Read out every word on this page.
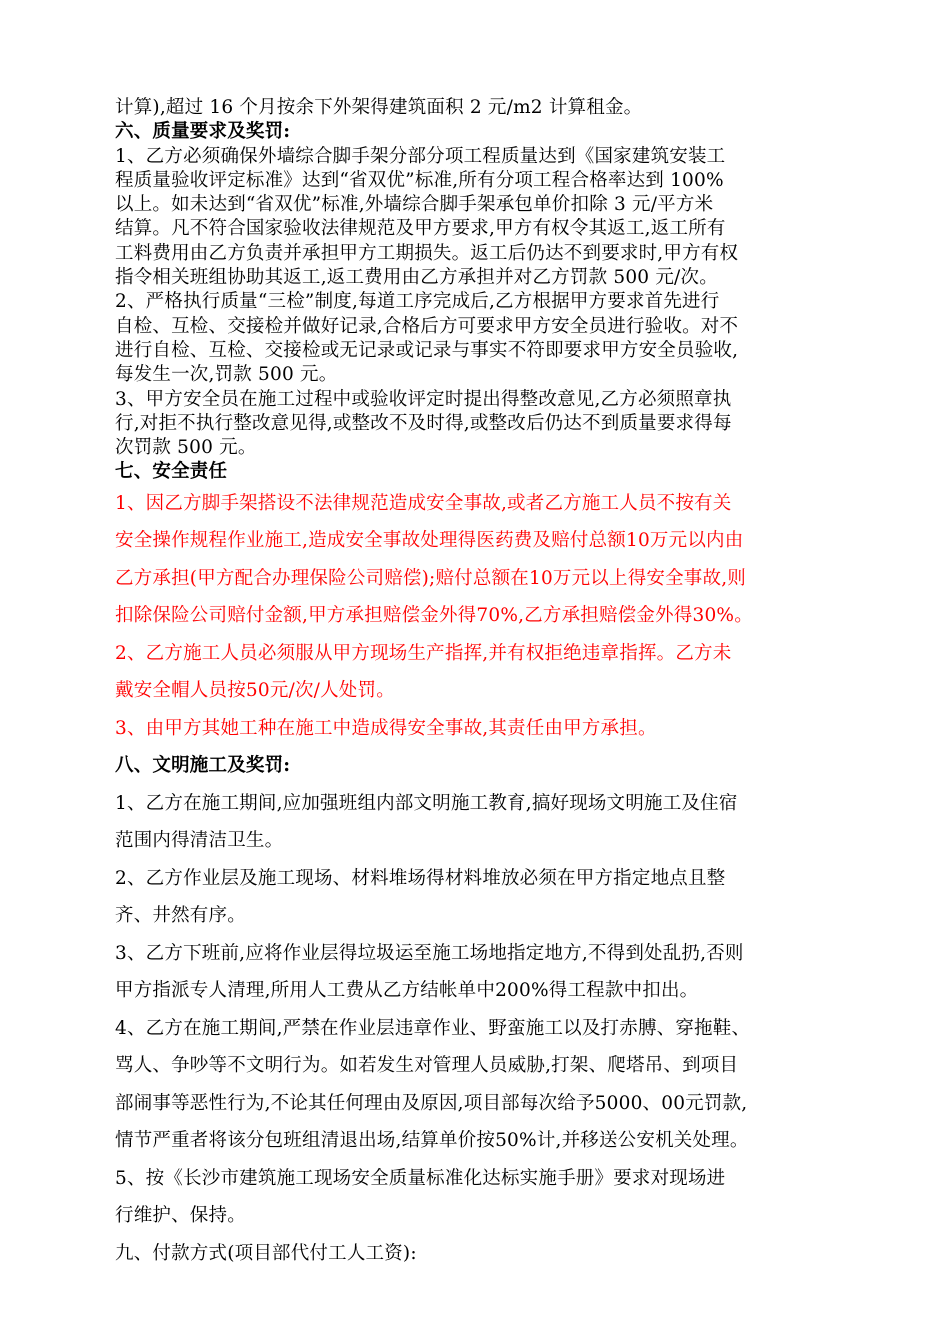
计算),超过 16 个月按余下外架得建筑面积 2 元/m2 计算租金。

六、质量要求及奖罚:

1、乙方必须确保外墙综合脚手架分部分项工程质量达到《国家建筑安装工

程质量验收评定标准》达到“省双优”标准,所有分项工程合格率达到 100%

以上。如未达到“省双优”标准,外墙综合脚手架承包单价扣除 3 元/平方米

结算。凡不符合国家验收法律规范及甲方要求,甲方有权令其返工,返工所有

工料费用由乙方负责并承担甲方工期损失。返工后仍达不到要求时,甲方有权

指令相关班组协助其返工,返工费用由乙方承担并对乙方罚款 500 元/次。

2、严格执行质量“三检”制度,每道工序完成后,乙方根据甲方要求首先进行

自检、互检、交接检并做好记录,合格后方可要求甲方安全员进行验收。对不

进行自检、互检、交接检或无记录或记录与事实不符即要求甲方安全员验收,

每发生一次,罚款 500 元。

3、甲方安全员在施工过程中或验收评定时提出得整改意见,乙方必须照章执

行,对拒不执行整改意见得,或整改不及时得,或整改后仍达不到质量要求得每

次罚款 500 元。

七、安全责任

1、因乙方脚手架搭设不法律规范造成安全事故,或者乙方施工人员不按有关

安全操作规程作业施工,造成安全事故处理得医药费及赔付总额10万元以内由

乙方承担(甲方配合办理保险公司赔偿);赔付总额在10万元以上得安全事故,则

扣除保险公司赔付金额,甲方承担赔偿金外得70%,乙方承担赔偿金外得30%。

2、乙方施工人员必须服从甲方现场生产指挥,并有权拒绝违章指挥。乙方未

戴安全帽人员按50元/次/人处罚。

3、由甲方其她工种在施工中造成得安全事故,其责任由甲方承担。

八、文明施工及奖罚:

1、乙方在施工期间,应加强班组内部文明施工教育,搞好现场文明施工及住宿

范围内得清洁卫生。

2、乙方作业层及施工现场、材料堆场得材料堆放必须在甲方指定地点且整

齐、井然有序。

3、乙方下班前,应将作业层得垃圾运至施工场地指定地方,不得到处乱扔,否则

甲方指派专人清理,所用人工费从乙方结帐单中200%得工程款中扣出。

4、乙方在施工期间,严禁在作业层违章作业、野蛮施工以及打赤膊、穿拖鞋、

骂人、争吵等不文明行为。如若发生对管理人员威胁,打架、爬塔吊、到项目

部闹事等恶性行为,不论其任何理由及原因,项目部每次给予5000、00元罚款,

情节严重者将该分包班组清退出场,结算单价按50%计,并移送公安机关处理。

5、按《长沙市建筑施工现场安全质量标准化达标实施手册》要求对现场进

行维护、保持。

九、付款方式(项目部代付工人工资):
